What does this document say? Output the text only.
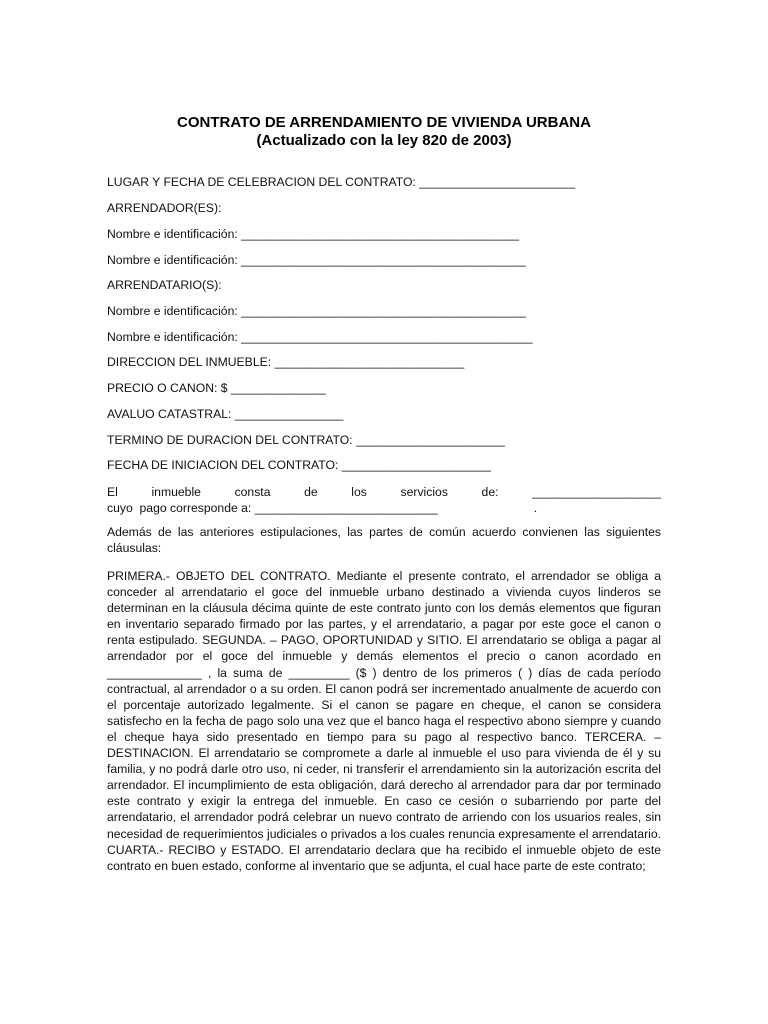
CONTRATO DE ARRENDAMIENTO DE VIVIENDA URBANA
(Actualizado con la ley 820 de 2003)

LUGAR Y FECHA DE CELEBRACION DEL CONTRATO: _______________________

ARRENDADOR(ES):

Nombre e identificación: _________________________________________

Nombre e identificación: __________________________________________

ARRENDATARIO(S):

Nombre e identificación: __________________________________________

Nombre e identificación: ___________________________________________

DIRECCION DEL INMUEBLE: ____________________________

PRECIO O CANON: $ ______________

AVALUO CATASTRAL: ________________

TERMINO DE DURACION DEL CONTRATO: ______________________

FECHA DE INICIACION DEL CONTRATO: ______________________

El	inmueble	consta	de	los	servicios	de:	___________________
cuyo  pago corresponde a: ___________________________	.

Además de las anteriores estipulaciones, las partes de común acuerdo convienen las siguientes cláusulas:

PRIMERA.- OBJETO DEL CONTRATO. Mediante el presente contrato, el arrendador se obliga a conceder al arrendatario el goce del inmueble urbano destinado a vivienda cuyos linderos se determinan en la cláusula décima quinte de este contrato junto con los demás elementos que figuran en inventario separado firmado por las partes, y el arrendatario, a pagar por este goce el canon o renta estipulado. SEGUNDA. – PAGO, OPORTUNIDAD y SITIO. El arrendatario se obliga a pagar al arrendador por el goce del inmueble y demás elementos el precio o canon acordado en ______________ , la suma de _________ ($ ) dentro de los primeros ( ) días de cada período contractual, al arrendador o a su orden. El canon podrá ser incrementado anualmente de acuerdo con el porcentaje autorizado legalmente. Si el canon se pagare en cheque, el canon se considera satisfecho en la fecha de pago solo una vez que el banco haga el respectivo abono siempre y cuando el cheque haya sido presentado en tiempo para su pago al respectivo banco. TERCERA. – DESTINACION. El arrendatario se compromete a darle al inmueble el uso para vivienda de él y su familia, y no podrá darle otro uso, ni ceder, ni transferir el arrendamiento sin la autorización escrita del arrendador. El incumplimiento de esta obligación, dará derecho al arrendador para dar por terminado este contrato y exigir la entrega del inmueble. En caso ce cesión o subarriendo por parte del arrendatario, el arrendador podrá celebrar un nuevo contrato de arriendo con los usuarios reales, sin necesidad de requerimientos judiciales o privados a los cuales renuncia expresamente el arrendatario. CUARTA.- RECIBO y ESTADO. El arrendatario declara que ha recibido el inmueble objeto de este contrato en buen estado, conforme al inventario que se adjunta, el cual hace parte de este contrato;
